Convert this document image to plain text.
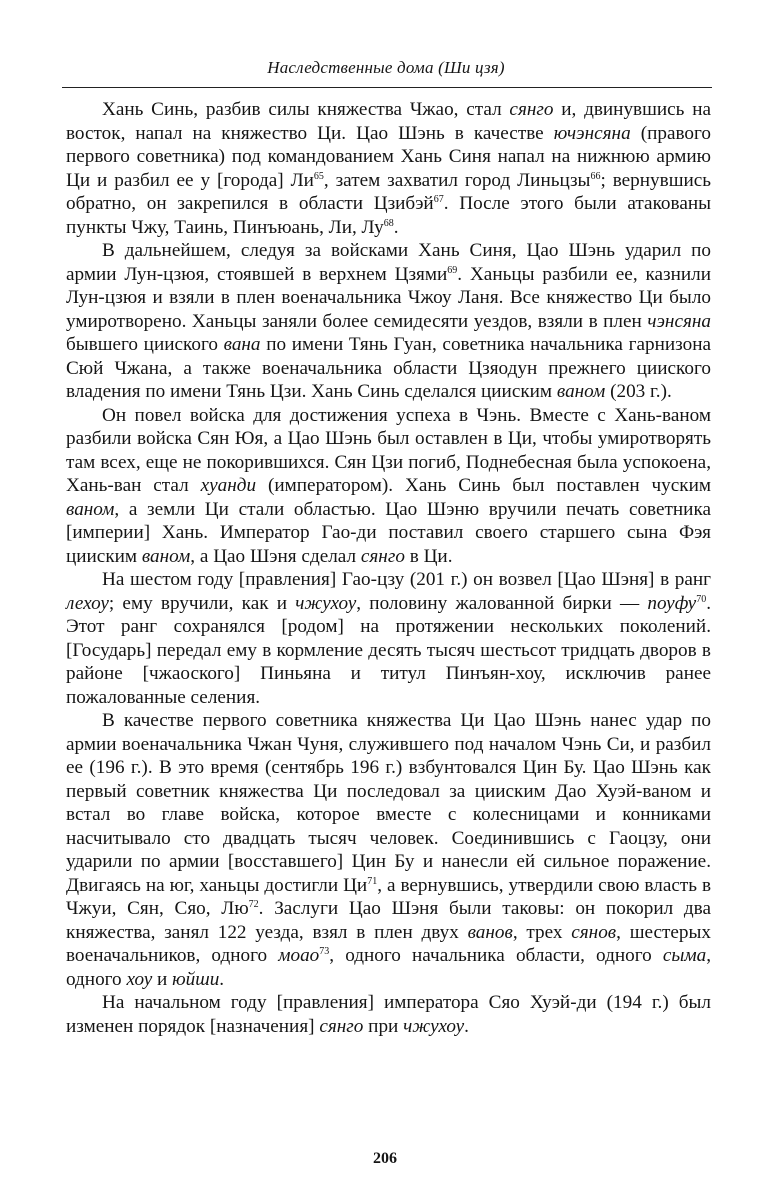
Наследственные дома (Ши цзя)

Хань Синь, разбив силы княжества Чжао, стал сянго и, двинувшись на восток, напал на княжество Ци. Цао Шэнь в качестве ючэнсяна (правого первого советника) под командованием Хань Синя напал на нижнюю армию Ци и разбил ее у [города] $Ли^{65}$, затем захватил город Линьцзы$^{66}$; вернувшись обратно, он закрепился в области Цзибэй$^{67}$. После этого были атакованы пункты Чжу, Таинь, Пинъюань, Ли, $Лу^{68}$.

В дальнейшем, следуя за войсками Хань Синя, Цао Шэнь ударил по армии Лун-цзюя, стоявшей в верхнем Цзями$^{69}$. Ханьцы разбили ее, казнили Лун-цзюя и взяли в плен военачальника Чжоу Ланя. Все княжество Ци было умиротворено. Ханьцы заняли более семидесяти уездов, взяли в плен чэнсяна бывшего цииского вана по имени Тянь Гуан, советника начальника гарнизона Сюй Чжана, а также военачальника области Цзяодун прежнего цииского владения по имени Тянь Цзи. Хань Синь сделался цииским ваном (203 г.).

Он повел войска для достижения успеха в Чэнь. Вместе с Хань-ваном разбили войска Сян Юя, а Цао Шэнь был оставлен в Ци, чтобы умиротворять там всех, еще не покорившихся. Сян Цзи погиб, Поднебесная была успокоена, Хань-ван стал хуанди (императором). Хань Синь был поставлен чуским ваном, а земли Ци стали областью. Цао Шэню вручили печать советника [империи] Хань. Император Гао-ди поставил своего старшего сына Фэя цииским ваном, а Цао Шэня сделал сянго в Ци.

На шестом году [правления] Гао-цзу (201 г.) он возвел [Цао Шэня] в ранг лехоу; ему вручили, как и чжухоу, половину жалованной бирки — поуфу$^{70}$. Этот ранг сохранялся [родом] на протяжении нескольких поколений. [Государь] передал ему в кормление десять тысяч шестьсот тридцать дворов в районе [чжаоского] Пиньяна и титул Пинъян-хоу, исключив ранее пожалованные селения.

В качестве первого советника княжества Ци Цао Шэнь нанес удар по армии военачальника Чжан Чуня, служившего под началом Чэнь Си, и разбил ее (196 г.). В это время (сентябрь 196 г.) взбунтовался Цин Бу. Цао Шэнь как первый советник княжества Ци последовал за цииским Дао Хуэй-ваном и встал во главе войска, которое вместе с колесницами и конниками насчитывало сто двадцать тысяч человек. Соединившись с Гаоцзу, они ударили по армии [восставшего] Цин Бу и нанесли ей сильное поражение. Двигаясь на юг, ханьцы достигли $Ци^{71}$, а вернувшись, утвердили свою власть в Чжуи, Сян, Сяо, $Лю^{72}$. Заслуги Цао Шэня были таковы: он покорил два княжества, занял 122 уезда, взял в плен двух ванов, трех сянов, шестерых военачальников, одного моао$^{73}$, одного начальника области, одного сыма, одного хоу и юйши.

На начальном году [правления] императора Сяо Хуэй-ди (194 г.) был изменен порядок [назначения] сянго при чжухоу.

206
